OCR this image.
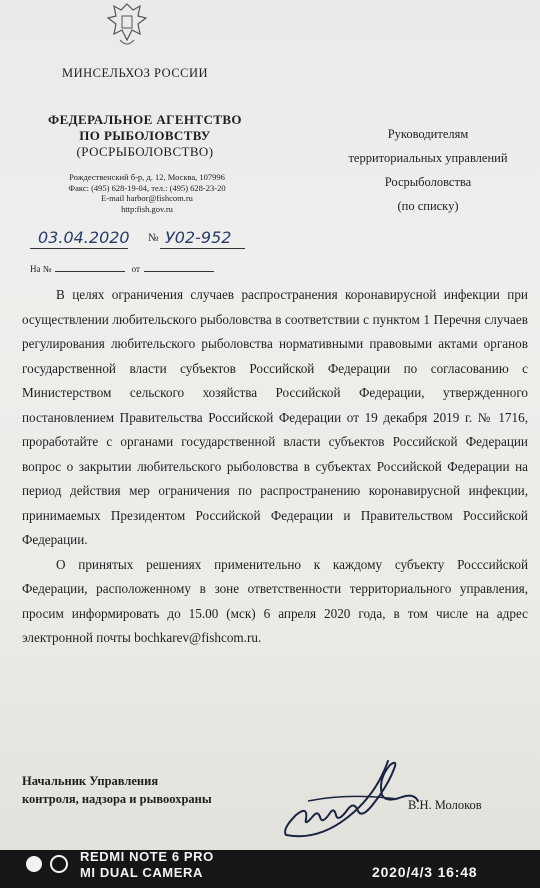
МИНСЕЛЬХОЗ РОССИИ
ФЕДЕРАЛЬНОЕ АГЕНТСТВО
ПО РЫБОЛОВСТВУ
(РОСРЫБОЛОВСТВО)
Рождественский б-р, д. 12, Москва, 107996
Факс: (495) 628-19-04, тел.: (495) 628-23-20
E-mail harbor@fishcom.ru
http:fish.gov.ru
Руководителям
территориальных управлений
Росрыболовства
(по списку)
03.04.2020 № У02-952
На №	от

В целях ограничения случаев распространения коронавирусной инфекции при осуществлении любительского рыболовства в соответствии с пунктом 1 Перечня случаев регулирования любительского рыболовства нормативными правовыми актами органов государственной власти субъектов Российской Федерации по согласованию с Министерством сельского хозяйства Российской Федерации, утвержденного постановлением Правительства Российской Федерации от 19 декабря 2019 г. № 1716, проработайте с органами государственной власти субъектов Российской Федерации вопрос о закрытии любительского рыболовства в субъектах Российской Федерации на период действия мер ограничения по распространению коронавирусной инфекции, принимаемых Президентом Российской Федерации и Правительством Российской Федерации.

О принятых решениях применительно к каждому субъекту Росссийской Федерации, расположенному в зоне ответственности территориального управления, просим информировать до 15.00 (мск) 6 апреля 2020 года, в том числе на адрес электронной почты bochkarev@fishcom.ru.

Начальник Управления
контроля, надзора и рывоохраны	В.Н. Молоков
REDMI NOTE 6 PRO
MI DUAL CAMERA	2020/4/3 16:48
